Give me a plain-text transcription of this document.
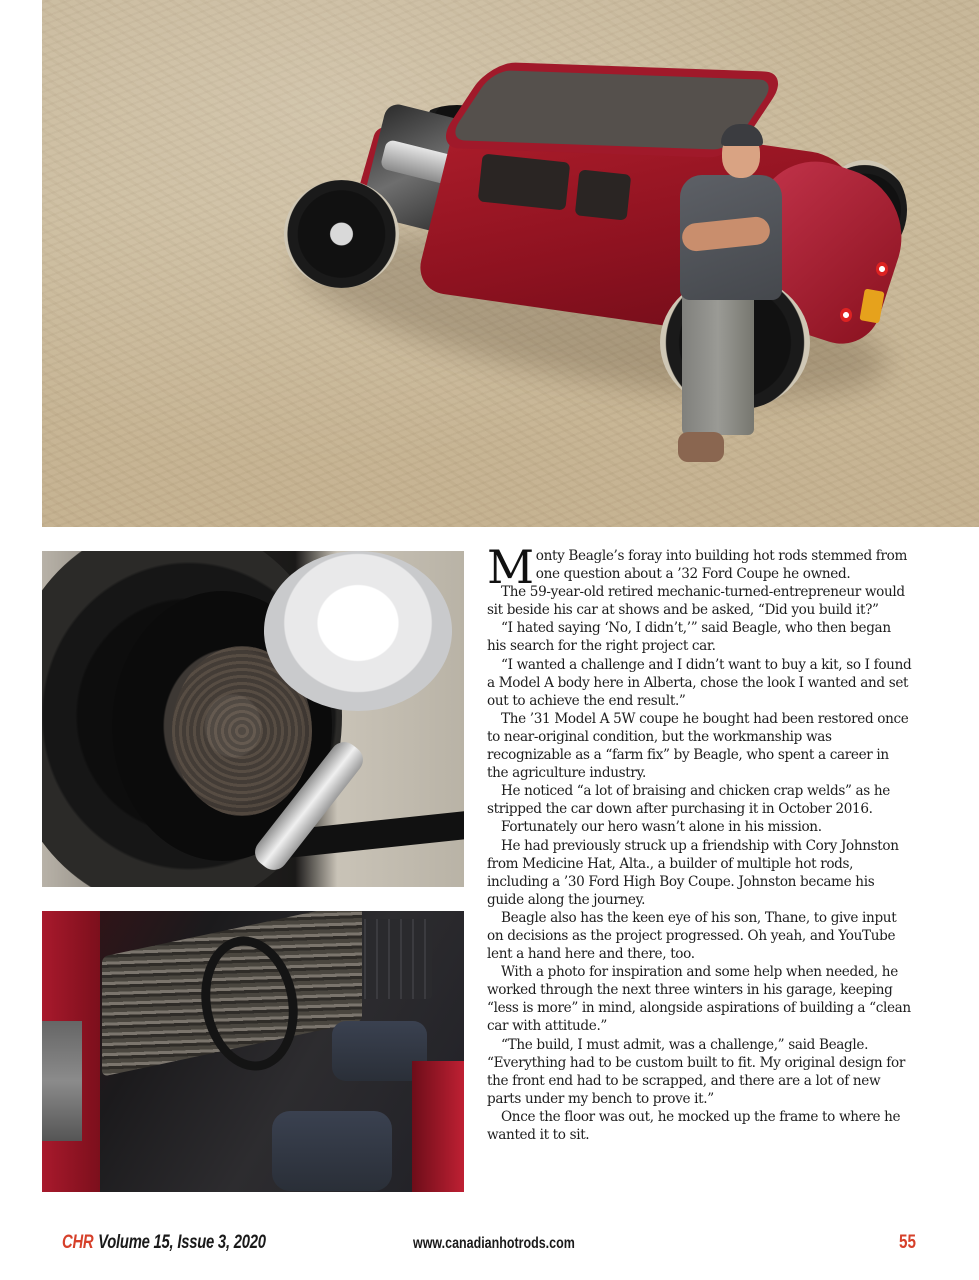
Monty Beagle’s foray into building hot rods stemmed from one question about a ’32 Ford Coupe he owned.

The 59-year-old retired mechanic-turned-entrepreneur would sit beside his car at shows and be asked, “Did you build it?”

“I hated saying ‘No, I didn’t,’” said Beagle, who then began his search for the right project car.

“I wanted a challenge and I didn’t want to buy a kit, so I found a Model A body here in Alberta, chose the look I wanted and set out to achieve the end result.”

The ’31 Model A 5W coupe he bought had been restored once to near-original condition, but the workmanship was recognizable as a “farm fix” by Beagle, who spent a career in the agriculture industry.

He noticed “a lot of braising and chicken crap welds” as he stripped the car down after purchasing it in October 2016.

Fortunately our hero wasn’t alone in his mission.

He had previously struck up a friendship with Cory Johnston from Medicine Hat, Alta., a builder of multiple hot rods, including a ’30 Ford High Boy Coupe. Johnston became his guide along the journey.

Beagle also has the keen eye of his son, Thane, to give input on decisions as the project progressed. Oh yeah, and YouTube lent a hand here and there, too.

With a photo for inspiration and some help when needed, he worked through the next three winters in his garage, keeping “less is more” in mind, alongside aspirations of building a “clean car with attitude.”

“The build, I must admit, was a challenge,” said Beagle. “Everything had to be custom built to fit. My original design for the front end had to be scrapped, and there are a lot of new parts under my bench to prove it.”

Once the floor was out, he mocked up the frame to where he wanted it to sit.

CHR Volume 15, Issue 3, 2020	www.canadianhotrods.com	55
